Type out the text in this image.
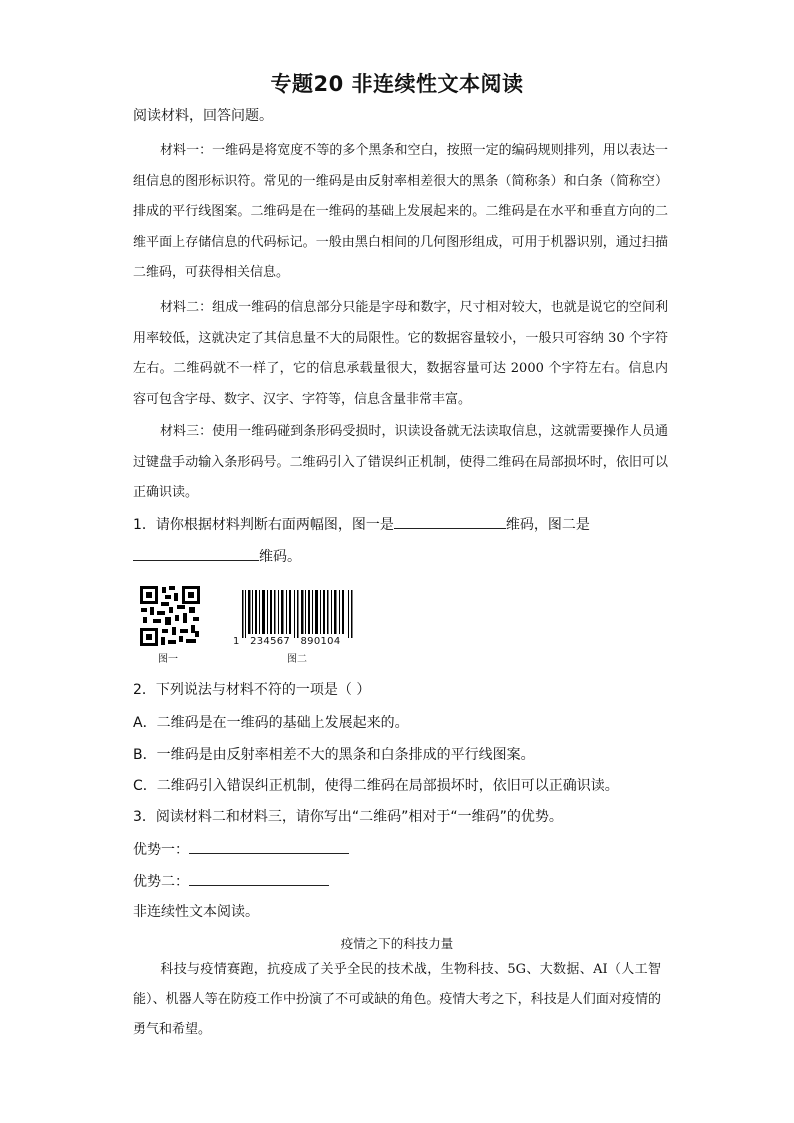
专题20 非连续性文本阅读
阅读材料，回答问题。
材料一：一维码是将宽度不等的多个黑条和空白，按照一定的编码规则排列，用以表达一组信息的图形标识符。常见的一维码是由反射率相差很大的黑条（简称条）和白条（简称空）排成的平行线图案。二维码是在一维码的基础上发展起来的。二维码是在水平和垂直方向的二维平面上存储信息的代码标记。一般由黑白相间的几何图形组成，可用于机器识别，通过扫描二维码，可获得相关信息。
材料二：组成一维码的信息部分只能是字母和数字，尺寸相对较大，也就是说它的空间利用率较低，这就决定了其信息量不大的局限性。它的数据容量较小，一般只可容纳 30 个字符左右。二维码就不一样了，它的信息承载量很大，数据容量可达 2000 个字符左右。信息内容可包含字母、数字、汉字、字符等，信息含量非常丰富。
材料三：使用一维码碰到条形码受损时，识读设备就无法读取信息，这就需要操作人员通过键盘手动输入条形码号。二维码引入了错误纠正机制，使得二维码在局部损坏时，依旧可以正确识读。
1．请你根据材料判断右面两幅图，图一是	维码，图二是
维码。
图一
1   234567   890104
图二
2．下列说法与材料不符的一项是（ ）
A．二维码是在一维码的基础上发展起来的。
B．一维码是由反射率相差不大的黑条和白条排成的平行线图案。
C．二维码引入错误纠正机制，使得二维码在局部损坏时，依旧可以正确识读。
3．阅读材料二和材料三，请你写出“二维码”相对于“一维码”的优势。
优势一：
优势二：
非连续性文本阅读。
疫情之下的科技力量
科技与疫情赛跑，抗疫成了关乎全民的技术战，生物科技、5G、大数据、AI（人工智能）、机器人等在防疫工作中扮演了不可或缺的角色。疫情大考之下，科技是人们面对疫情的勇气和希望。
